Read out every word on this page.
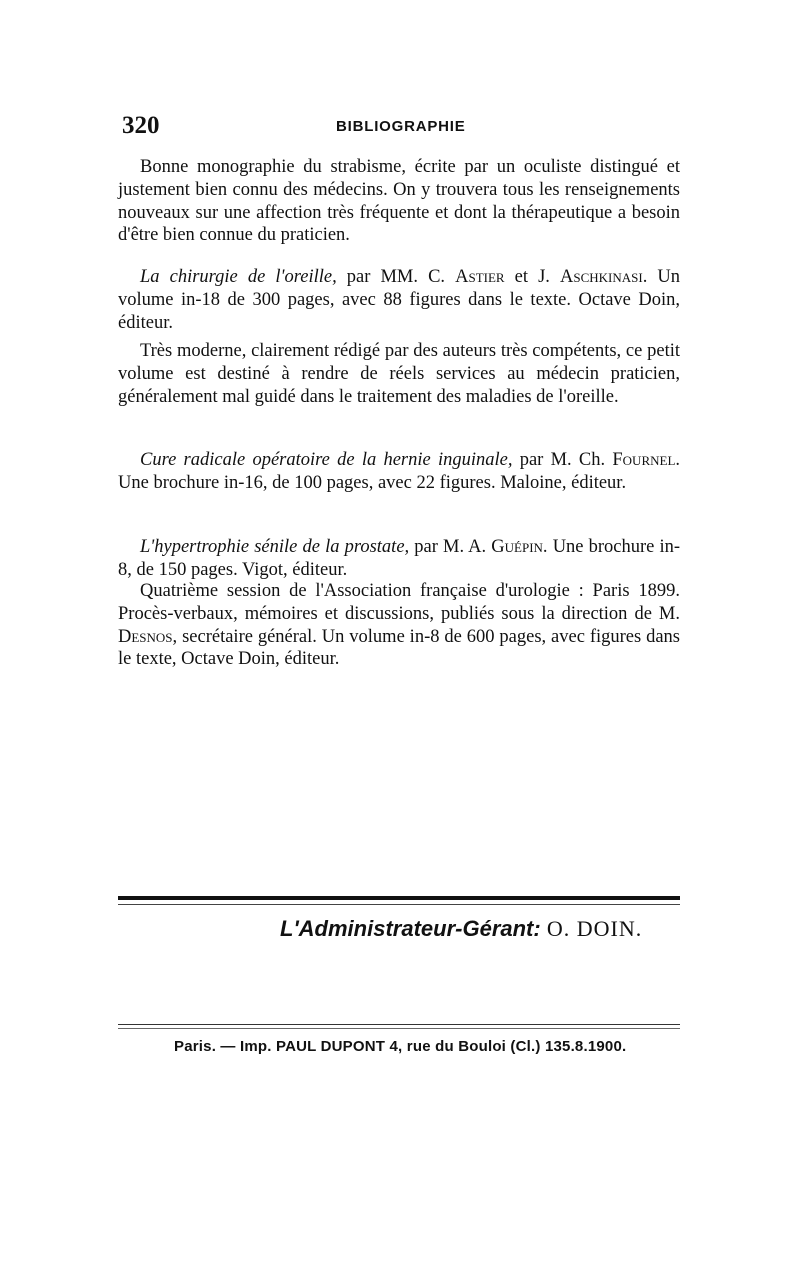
320	BIBLIOGRAPHIE

Bonne monographie du strabisme, écrite par un oculiste distingué et justement bien connu des médecins. On y trouvera tous les renseignements nouveaux sur une affection très fréquente et dont la thérapeutique a besoin d'être bien connue du praticien.

La chirurgie de l'oreille, par MM. C. Astier et J. Aschkinasi. Un volume in-18 de 300 pages, avec 88 figures dans le texte. Octave Doin, éditeur.

Très moderne, clairement rédigé par des auteurs très compétents, ce petit volume est destiné à rendre de réels services au médecin praticien, généralement mal guidé dans le traitement des maladies de l'oreille.

Cure radicale opératoire de la hernie inguinale, par M. Ch. Fournel. Une brochure in-16, de 100 pages, avec 22 figures. Maloine, éditeur.

L'hypertrophie sénile de la prostate, par M. A. Guépin. Une brochure in-8, de 150 pages. Vigot, éditeur.

Quatrième session de l'Association française d'urologie : Paris 1899. Procès-verbaux, mémoires et discussions, publiés sous la direction de M. Desnos, secrétaire général. Un volume in-8 de 600 pages, avec figures dans le texte, Octave Doin, éditeur.

L'Administrateur-Gérant: O. DOIN.
Paris. — Imp. PAUL DUPONT 4, rue du Bouloi (Cl.) 135.8.1900.
